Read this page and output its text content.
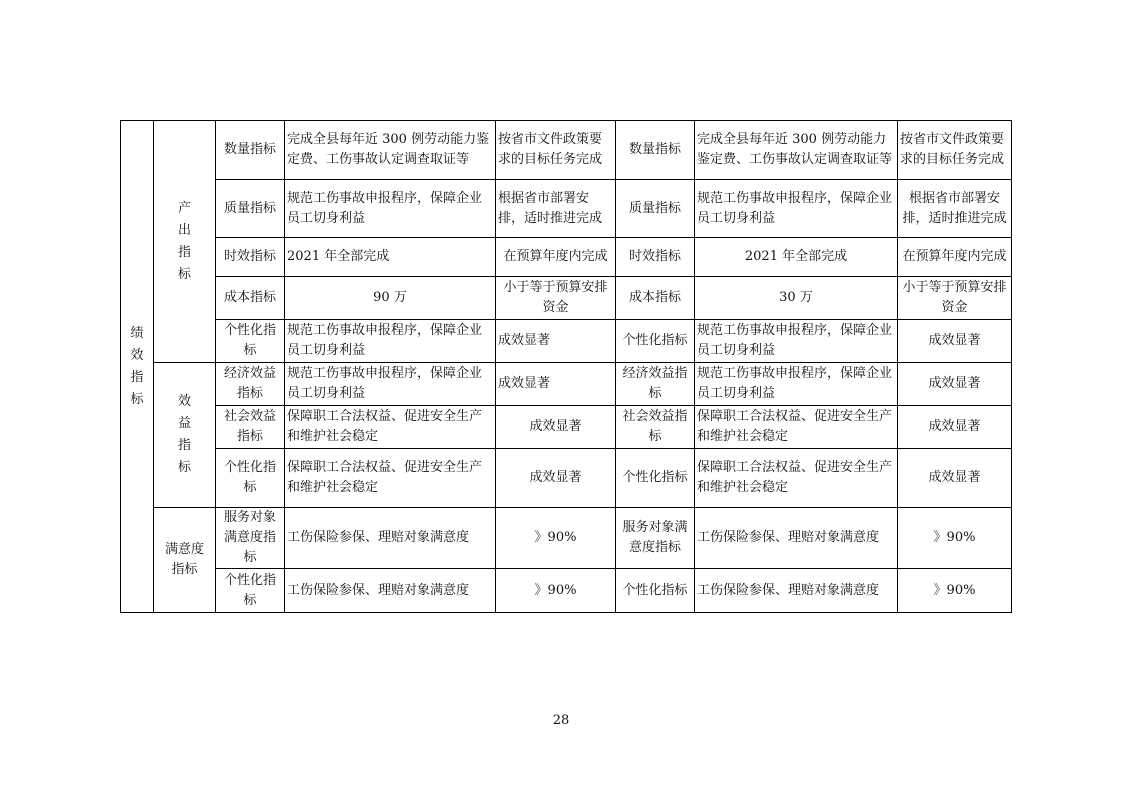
绩效指标	产出指标	数量指标	完成全县每年近 300 例劳动能力鉴定费、工伤事故认定调查取证等	按省市文件政策要求的目标任务完成	数量指标	完成全县每年近 300 例劳动能力鉴定费、工伤事故认定调查取证等	按省市文件政策要求的目标任务完成
		质量指标	规范工伤事故申报程序，保障企业员工切身利益	根据省市部署安排，适时推进完成	质量指标	规范工伤事故申报程序，保障企业员工切身利益	根据省市部署安排，适时推进完成
		时效指标	2021 年全部完成	在预算年度内完成	时效指标	2021 年全部完成	在预算年度内完成
		成本指标	90 万	小于等于预算安排资金	成本指标	30 万	小于等于预算安排资金
		个性化指标	规范工伤事故申报程序，保障企业员工切身利益	成效显著	个性化指标	规范工伤事故申报程序，保障企业员工切身利益	成效显著

	效益指标	经济效益指标	规范工伤事故申报程序，保障企业员工切身利益	成效显著	经济效益指标	规范工伤事故申报程序，保障企业员工切身利益	成效显著
		社会效益指标	保障职工合法权益、促进安全生产和维护社会稳定	成效显著	社会效益指标	保障职工合法权益、促进安全生产和维护社会稳定	成效显著
		个性化指标	保障职工合法权益、促进安全生产和维护社会稳定	成效显著	个性化指标	保障职工合法权益、促进安全生产和维护社会稳定	成效显著

	满意度指标	服务对象满意度指标	工伤保险参保、理赔对象满意度	》90%	服务对象满意度指标	工伤保险参保、理赔对象满意度	》90%
		个性化指标	工伤保险参保、理赔对象满意度	》90%	个性化指标	工伤保险参保、理赔对象满意度	》90%
28
